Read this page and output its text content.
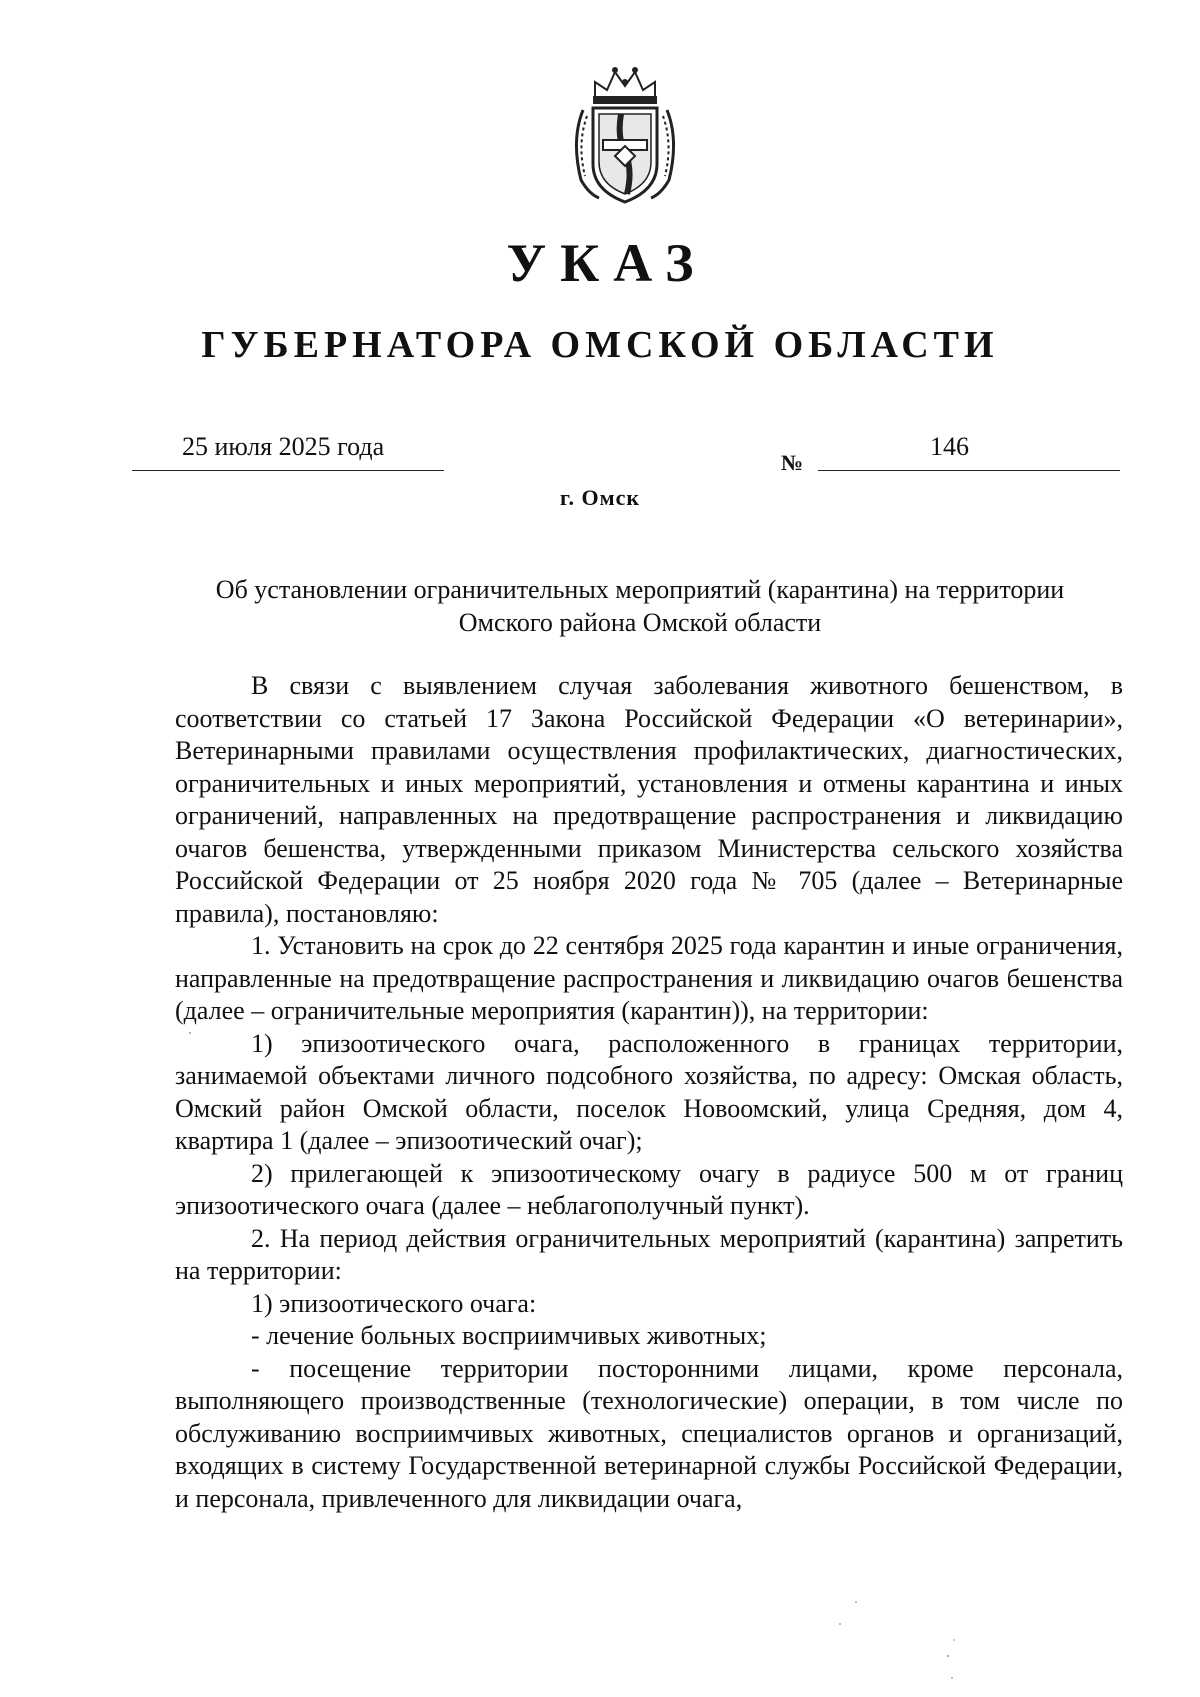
УКАЗ
ГУБЕРНАТОРА ОМСКОЙ ОБЛАСТИ
25 июля 2025 года
№
146
г. Омск
Об установлении ограничительных мероприятий (карантина) на территории
Омского района Омской области

В связи с выявлением случая заболевания животного бешенством, в соответствии со статьей 17 Закона Российской Федерации «О ветеринарии», Ветеринарными правилами осуществления профилактических, диагностических, ограничительных и иных мероприятий, установления и отмены карантина и иных ограничений, направленных на предотвращение распространения и ликвидацию очагов бешенства, утвержденными приказом Министерства сельского хозяйства Российской Федерации от 25 ноября 2020 года № 705 (далее – Ветеринарные правила), постановляю:

1. Установить на срок до 22 сентября 2025 года карантин и иные ограничения, направленные на предотвращение распространения и ликвидацию очагов бешенства (далее – ограничительные мероприятия (карантин)), на территории:

1) эпизоотического очага, расположенного в границах территории, занимаемой объектами личного подсобного хозяйства, по адресу: Омская область, Омский район Омской области, поселок Новоомский, улица Средняя, дом 4, квартира 1 (далее – эпизоотический очаг);

2) прилегающей к эпизоотическому очагу в радиусе 500 м от границ эпизоотического очага (далее – неблагополучный пункт).

2. На период действия ограничительных мероприятий (карантина) запретить на территории:

1) эпизоотического очага:

- лечение больных восприимчивых животных;

- посещение территории посторонними лицами, кроме персонала, выполняющего производственные (технологические) операции, в том числе по обслуживанию восприимчивых животных, специалистов органов и организаций, входящих в систему Государственной ветеринарной службы Российской Федерации, и персонала, привлеченного для ликвидации очага,
